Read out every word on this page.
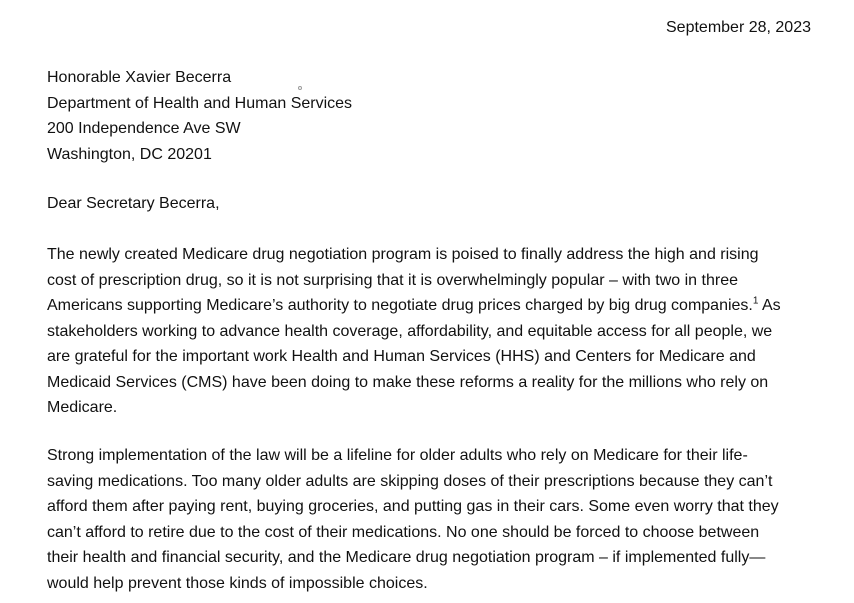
September 28, 2023
Honorable Xavier Becerra
Department of Health and Human Services
200 Independence Ave SW
Washington, DC 20201
Dear Secretary Becerra,
The newly created Medicare drug negotiation program is poised to finally address the high and rising
cost of prescription drug, so it is not surprising that it is overwhelmingly popular – with two in three
Americans supporting Medicare’s authority to negotiate drug prices charged by big drug companies.$^1$ As
stakeholders working to advance health coverage, affordability, and equitable access for all people, we
are grateful for the important work Health and Human Services (HHS) and Centers for Medicare and
Medicaid Services (CMS) have been doing to make these reforms a reality for the millions who rely on
Medicare.
Strong implementation of the law will be a lifeline for older adults who rely on Medicare for their life-
saving medications. Too many older adults are skipping doses of their prescriptions because they can’t
afford them after paying rent, buying groceries, and putting gas in their cars. Some even worry that they
can’t afford to retire due to the cost of their medications. No one should be forced to choose between
their health and financial security, and the Medicare drug negotiation program – if implemented fully—
would help prevent those kinds of impossible choices.
